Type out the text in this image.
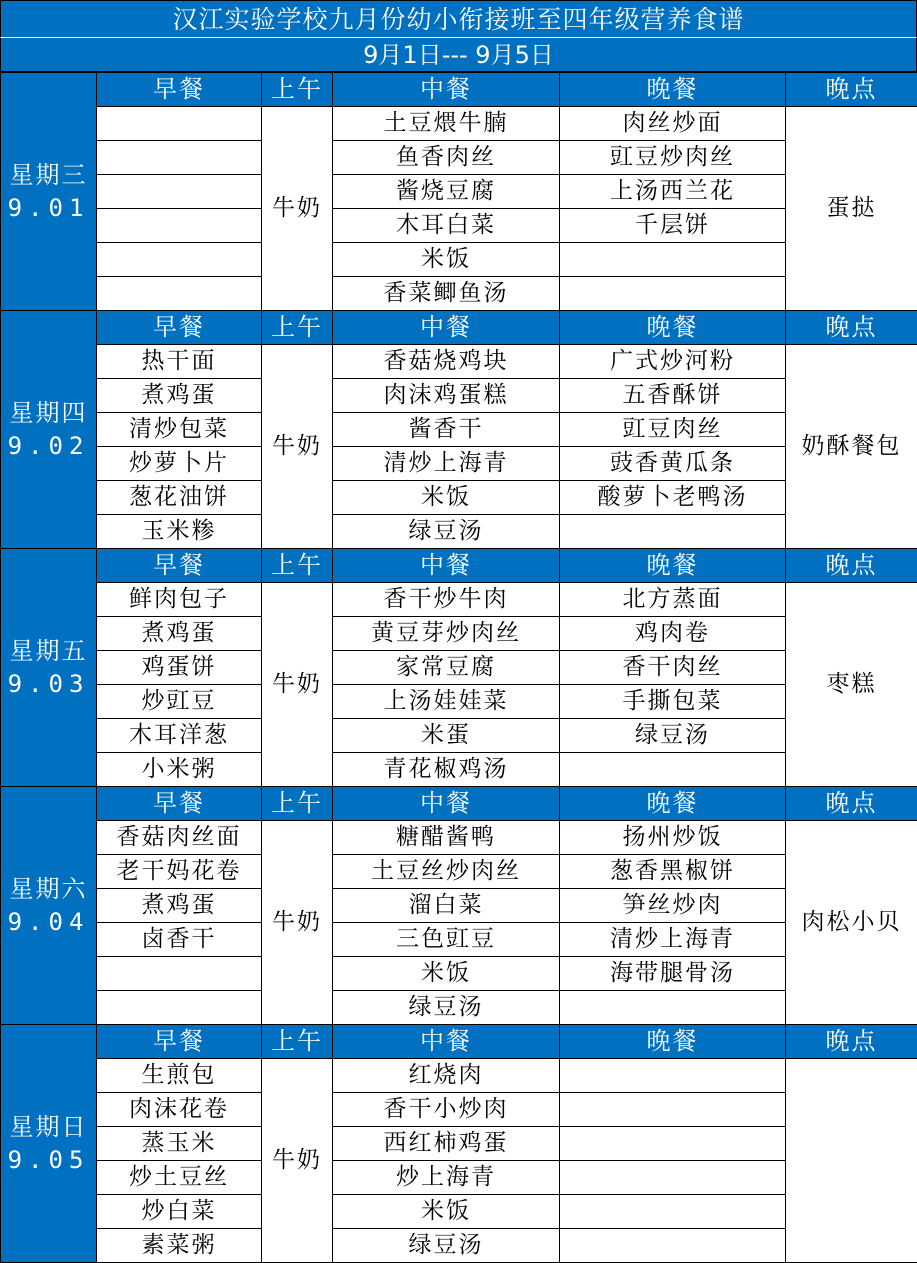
汉江实验学校九月份幼小衔接班至四年级营养食谱
9月1日--- 9月5日
星期三
9.01	早餐	上午	中餐	晚餐	晚点
		牛奶	土豆煨牛腩	肉丝炒面	蛋挞
			鱼香肉丝	豇豆炒肉丝	
			酱烧豆腐	上汤西兰花	
			木耳白菜	千层饼	
			米饭		
			香菜鲫鱼汤		
星期四
9.02	早餐	上午	中餐	晚餐	晚点
	热干面	牛奶	香菇烧鸡块	广式炒河粉	奶酥餐包
	煮鸡蛋		肉沫鸡蛋糕	五香酥饼	
	清炒包菜		酱香干	豇豆肉丝	
	炒萝卜片		清炒上海青	豉香黄瓜条	
	葱花油饼		米饭	酸萝卜老鸭汤	
	玉米糁		绿豆汤		
星期五
9.03	早餐	上午	中餐	晚餐	晚点
	鲜肉包子	牛奶	香干炒牛肉	北方蒸面	枣糕
	煮鸡蛋		黄豆芽炒肉丝	鸡肉卷	
	鸡蛋饼		家常豆腐	香干肉丝	
	炒豇豆		上汤娃娃菜	手撕包菜	
	木耳洋葱		米蛋	绿豆汤	
	小米粥		青花椒鸡汤		
星期六
9.04	早餐	上午	中餐	晚餐	晚点
	香菇肉丝面	牛奶	糖醋酱鸭	扬州炒饭	肉松小贝
	老干妈花卷		土豆丝炒肉丝	葱香黑椒饼	
	煮鸡蛋		溜白菜	笋丝炒肉	
	卤香干		三色豇豆	清炒上海青	
			米饭	海带腿骨汤	
			绿豆汤		
星期日
9.05	早餐	上午	中餐	晚餐	晚点
	生煎包	牛奶	红烧肉		
	肉沫花卷		香干小炒肉		
	蒸玉米		西红柿鸡蛋		
	炒土豆丝		炒上海青		
	炒白菜		米饭		
	素菜粥		绿豆汤		
